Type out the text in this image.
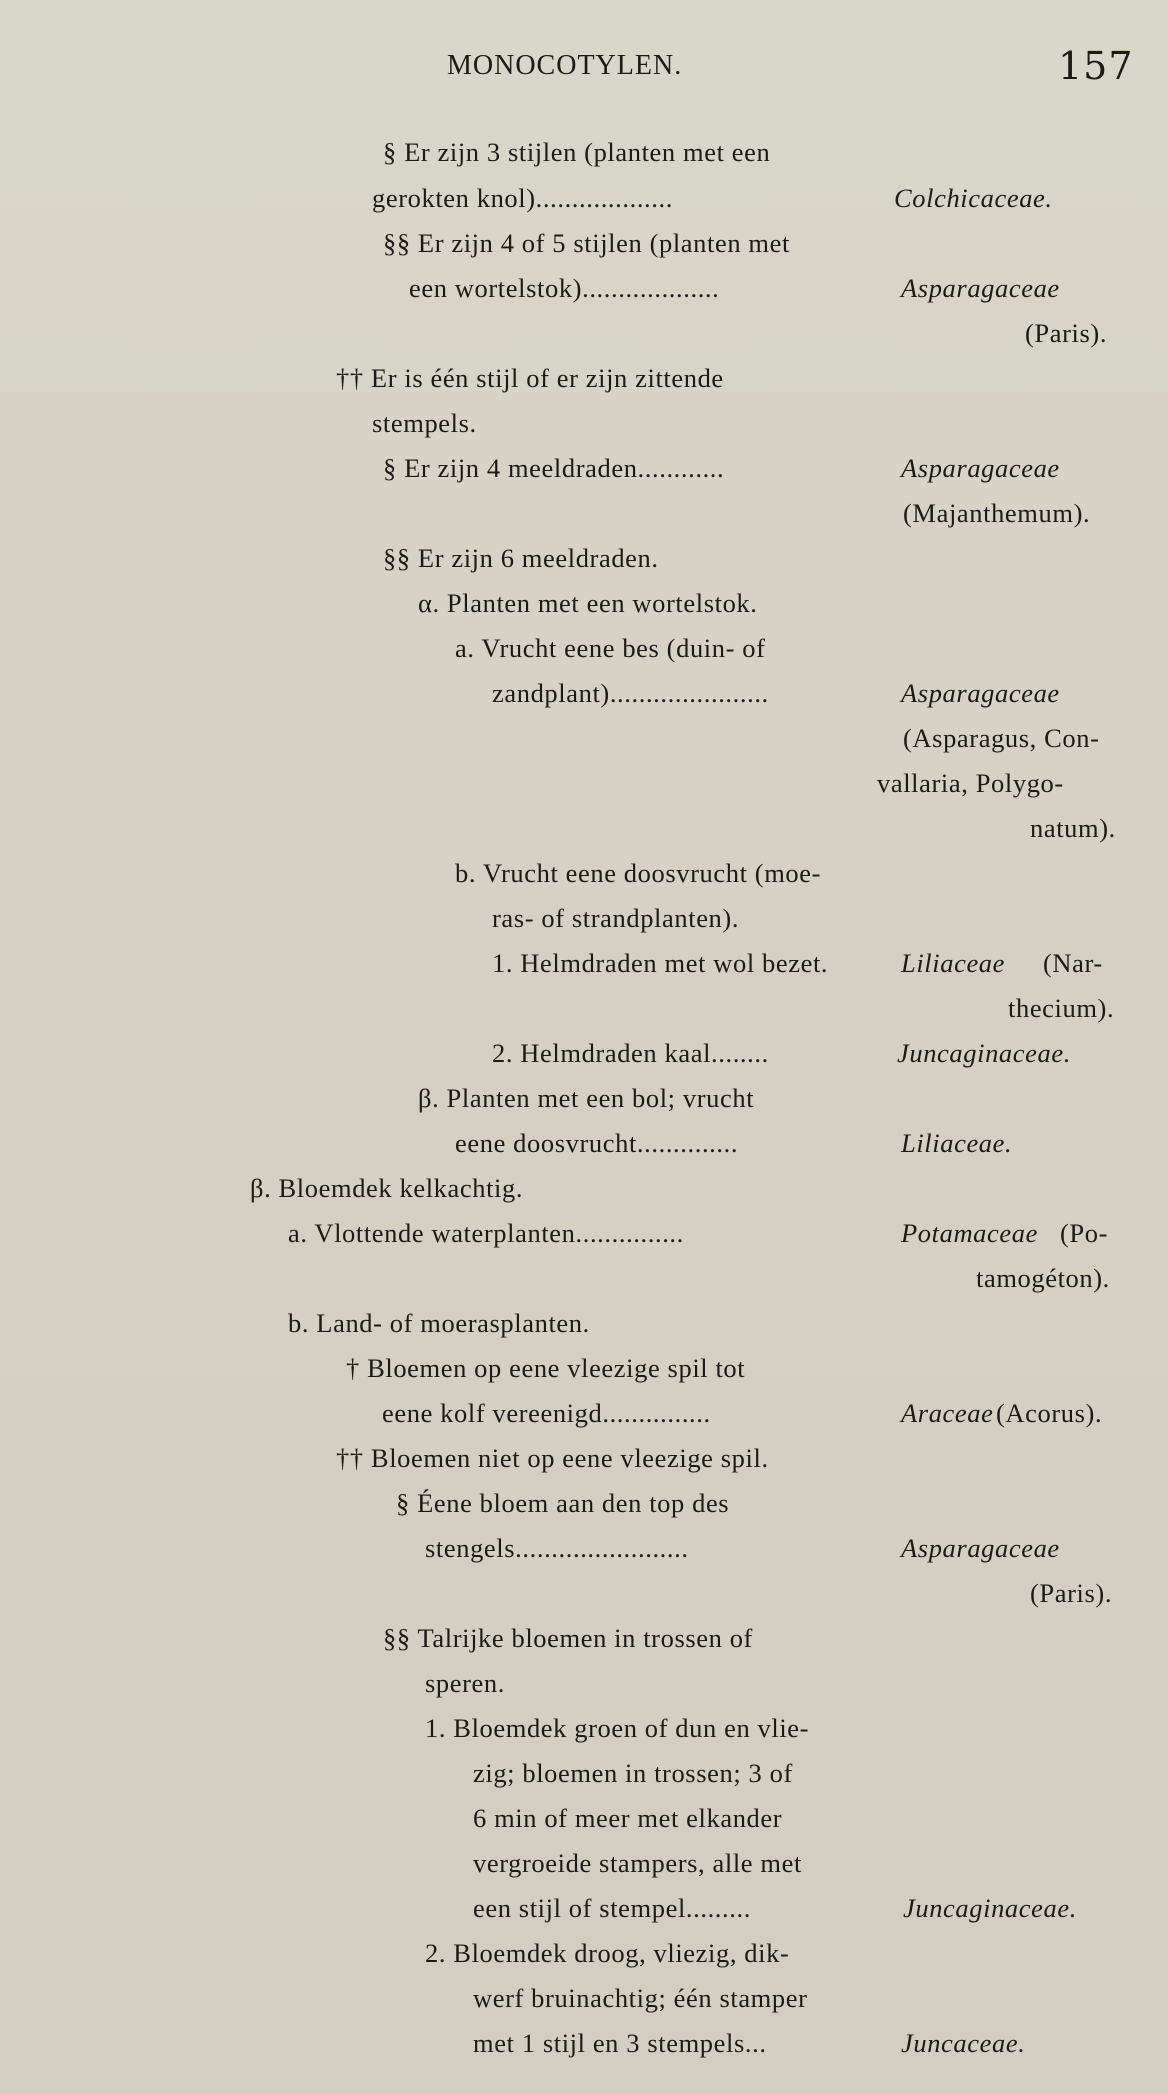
MONOCOTYLEN.	157
§ Er zijn 3 stijlen (planten met een
gerokten knol)...................	Colchicaceae.
§§ Er zijn 4 of 5 stijlen (planten met
een wortelstok)...................	Asparagaceae
(Paris).
†† Er is één stijl of er zijn zittende
stempels.
§ Er zijn 4 meeldraden............	Asparagaceae
(Majanthemum).
§§ Er zijn 6 meeldraden.
α. Planten met een wortelstok.
a. Vrucht eene bes (duin- of
zandplant)......................	Asparagaceae
(Asparagus, Con-
vallaria, Polygo-
natum).
b. Vrucht eene doosvrucht (moe-
ras- of strandplanten).
1. Helmdraden met wol bezet.	Liliaceae (Nar-
thecium).
2. Helmdraden kaal........	Juncaginaceae.
β. Planten met een bol; vrucht
eene doosvrucht..............	Liliaceae.
β. Bloemdek kelkachtig.
a. Vlottende waterplanten...............	Potamaceae (Po-
tamogéton).
b. Land- of moerasplanten.
† Bloemen op eene vleezige spil tot
eene kolf vereenigd...............	Araceae (Acorus).
†† Bloemen niet op eene vleezige spil.
§ Éene bloem aan den top des
stengels........................	Asparagaceae
(Paris).
§§ Talrijke bloemen in trossen of
speren.
1. Bloemdek groen of dun en vlie-
zig; bloemen in trossen; 3 of
6 min of meer met elkander
vergroeide stampers, alle met
een stijl of stempel.........	Juncaginaceae.
2. Bloemdek droog, vliezig, dik-
werf bruinachtig; één stamper
met 1 stijl en 3 stempels...	Juncaceae.
